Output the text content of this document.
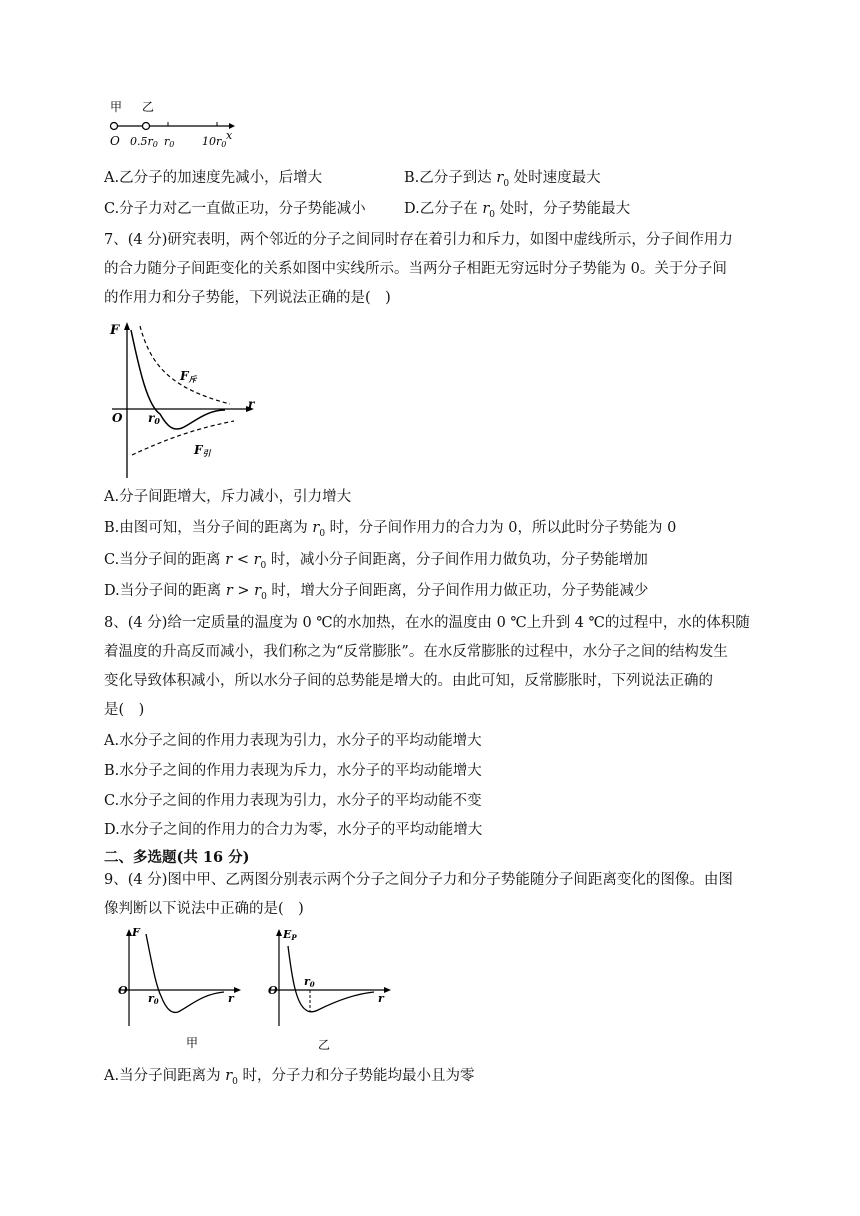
甲 乙
O 0.5r0 r0	10r0
x
A.乙分子的加速度先减小，后增大	B.乙分子到达 $r_0$ 处时速度最大
C.分子力对乙一直做正功，分子势能减小	D.乙分子在 $r_0$ 处时，分子势能最大
7、(4 分)研究表明，两个邻近的分子之间同时存在着引力和斥力，如图中虚线所示，分子间作用力
的合力随分子间距变化的关系如图中实线所示。当两分子相距无穷远时分子势能为 0。关于分子间
的作用力和分子势能，下列说法正确的是(　)
F
O r0
r
F斥
F引
A.分子间距增大，斥力减小，引力增大
B.由图可知，当分子间的距离为 $r_0$ 时，分子间作用力的合力为 0，所以此时分子势能为 0
C.当分子间的距离 $r < r_0$ 时，减小分子间距离，分子间作用力做负功，分子势能增加
D.当分子间的距离 $r > r_0$ 时，增大分子间距离，分子间作用力做正功，分子势能减少
8、(4 分)给一定质量的温度为 0 ℃的水加热，在水的温度由 0 ℃上升到 4 ℃的过程中，水的体积随
着温度的升高反而减小，我们称之为“反常膨胀”。在水反常膨胀的过程中，水分子之间的结构发生
变化导致体积减小，所以水分子间的总势能是增大的。由此可知，反常膨胀时，下列说法正确的
是(　)
A.水分子之间的作用力表现为引力，水分子的平均动能增大
B.水分子之间的作用力表现为斥力，水分子的平均动能增大
C.水分子之间的作用力表现为引力，水分子的平均动能不变
D.水分子之间的作用力的合力为零，水分子的平均动能增大
二、多选题(共 16 分)
9、(4 分)图中甲、乙两图分别表示两个分子之间分子力和分子势能随分子间距离变化的图像。由图
像判断以下说法中正确的是(　)
F
O
r0	r
甲
EP
O
r0
r
乙
A.当分子间距离为 $r_0$ 时，分子力和分子势能均最小且为零
